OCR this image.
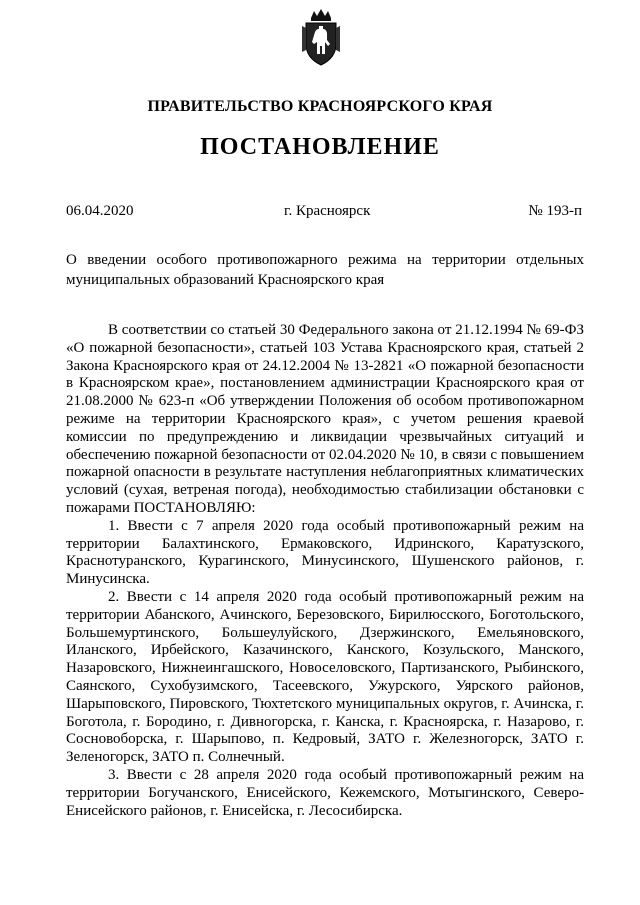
ПРАВИТЕЛЬСТВО КРАСНОЯРСКОГО КРАЯ
ПОСТАНОВЛЕНИЕ
06.04.2020	г. Красноярск	№ 193-п
О введении особого противопожарного режима на территории отдельных муниципальных образований Красноярского края

В соответствии со статьей 30 Федерального закона от 21.12.1994 № 69-ФЗ «О пожарной безопасности», статьей 103 Устава Красноярского края, статьей 2 Закона Красноярского края от 24.12.2004 № 13-2821 «О пожарной безопасности в Красноярском крае», постановлением администрации Красноярского края от 21.08.2000 № 623-п «Об утверждении Положения об особом противопожарном режиме на территории Красноярского края», с учетом решения краевой комиссии по предупреждению и ликвидации чрезвычайных ситуаций и обеспечению пожарной безопасности от 02.04.2020 № 10, в связи с повышением пожарной опасности в результате наступления неблагоприятных климатических условий (сухая, ветреная погода), необходимостью стабилизации обстановки с пожарами ПОСТАНОВЛЯЮ:

1. Ввести с 7 апреля 2020 года особый противопожарный режим на территории Балахтинского, Ермаковского, Идринского, Каратузского, Краснотуранского, Курагинского, Минусинского, Шушенского районов, г. Минусинска.

2. Ввести с 14 апреля 2020 года особый противопожарный режим на территории Абанского, Ачинского, Березовского, Бирилюсского, Боготольского, Большемуртинского, Большеулуйского, Дзержинского, Емельяновского, Иланского, Ирбейского, Казачинского, Канского, Козульского, Манского, Назаровского, Нижнеингашского, Новоселовского, Партизанского, Рыбинского, Саянского, Сухобузимского, Тасеевского, Ужурского, Уярского районов, Шарыповского, Пировского, Тюхтетского муниципальных округов, г. Ачинска, г. Боготола, г. Бородино, г. Дивногорска, г. Канска, г. Красноярска, г. Назарово, г. Сосновоборска, г. Шарыпово, п. Кедровый, ЗАТО г. Железногорск, ЗАТО г. Зеленогорск, ЗАТО п. Солнечный.

3. Ввести с 28 апреля 2020 года особый противопожарный режим на территории Богучанского, Енисейского, Кежемского, Мотыгинского, Северо-Енисейского районов, г. Енисейска, г. Лесосибирска.
